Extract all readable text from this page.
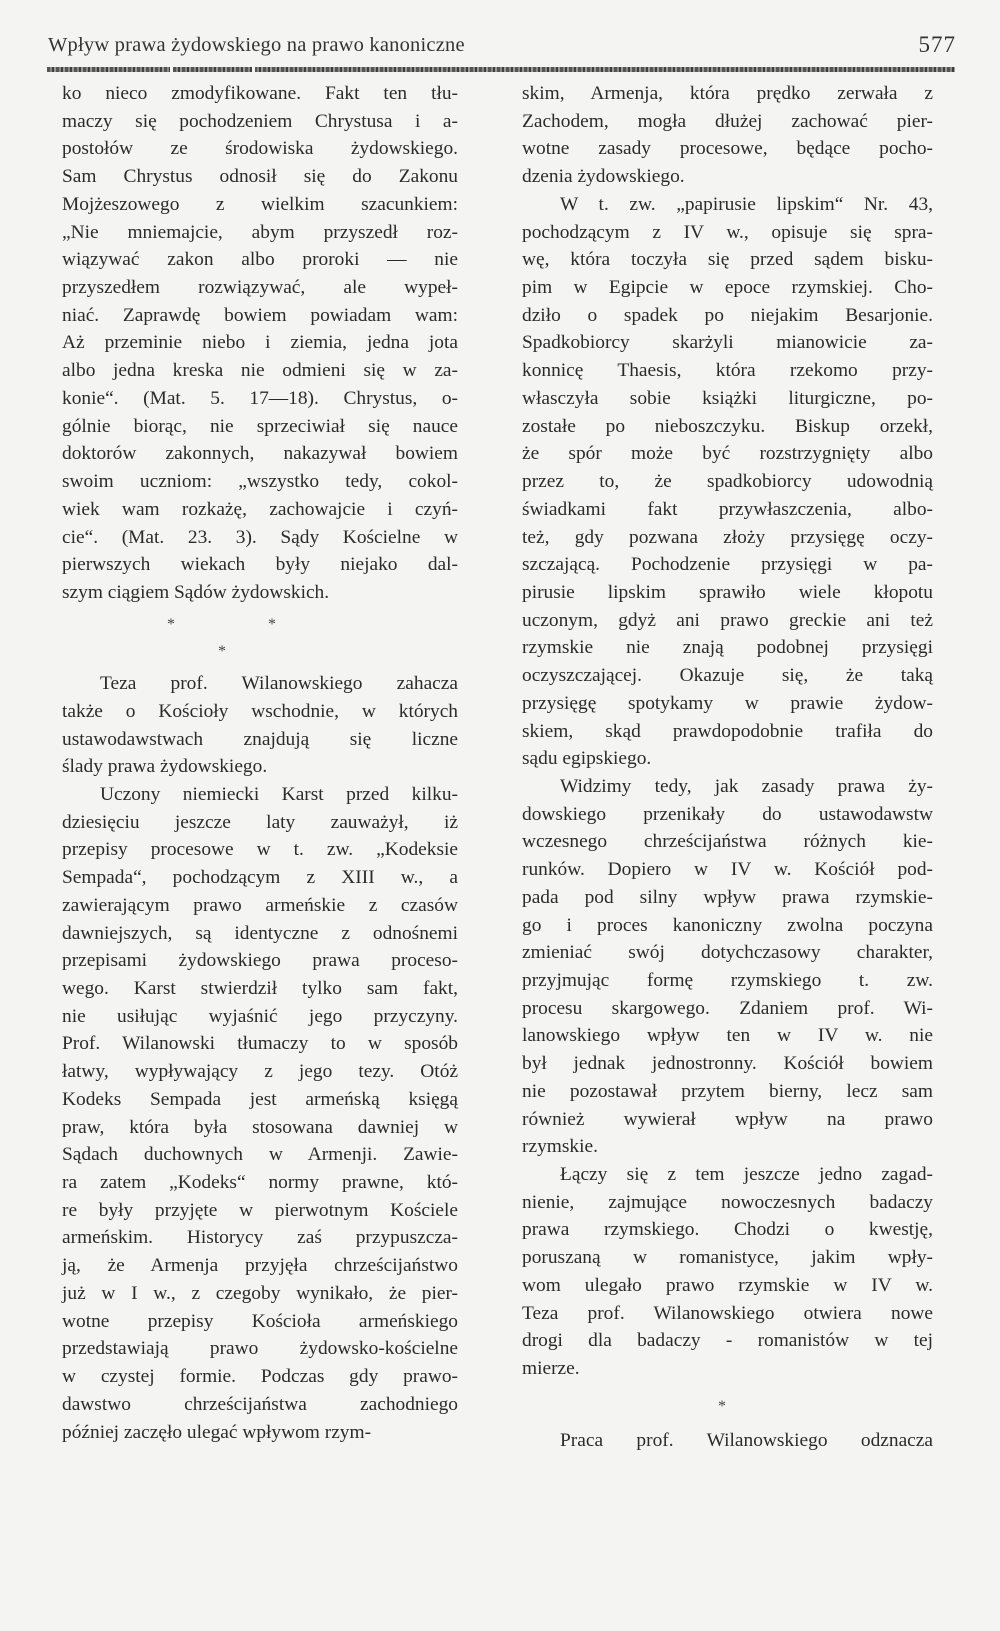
Wpływ prawa żydowskiego na prawo kanoniczne	577
ko nieco zmodyfikowane. Fakt ten tłu-
maczy się pochodzeniem Chrystusa i a-
postołów ze środowiska żydowskiego.
Sam Chrystus odnosił się do Zakonu
Mojżeszowego z wielkim szacunkiem:
„Nie mniemajcie, abym przyszedł roz-
wiązywać zakon albo proroki — nie
przyszedłem rozwiązywać, ale wypeł-
niać. Zaprawdę bowiem powiadam wam:
Aż przeminie niebo i ziemia, jedna jota
albo jedna kreska nie odmieni się w za-
konie“. (Mat. 5. 17—18). Chrystus, o-
gólnie biorąc, nie sprzeciwiał się nauce
doktorów zakonnych, nakazywał bowiem
swoim uczniom: „wszystko tedy, cokol-
wiek wam rozkażę, zachowajcie i czyń-
cie“. (Mat. 23. 3). Sądy Kościelne w
pierwszych wiekach były niejako dal-
szym ciągiem Sądów żydowskich.
*	*
*
Teza prof. Wilanowskiego zahacza
także o Kościoły wschodnie, w których
ustawodawstwach znajdują się liczne
ślady prawa żydowskiego.
Uczony niemiecki Karst przed kilku-
dziesięciu jeszcze laty zauważył, iż
przepisy procesowe w t. zw. „Kodeksie
Sempada“, pochodzącym z XIII w., a
zawierającym prawo armeńskie z czasów
dawniejszych, są identyczne z odnośnemi
przepisami żydowskiego prawa proceso-
wego. Karst stwierdził tylko sam fakt,
nie usiłując wyjaśnić jego przyczyny.
Prof. Wilanowski tłumaczy to w sposób
łatwy, wypływający z jego tezy. Otóż
Kodeks Sempada jest armeńską księgą
praw, która była stosowana dawniej w
Sądach duchownych w Armenji. Zawie-
ra zatem „Kodeks“ normy prawne, któ-
re były przyjęte w pierwotnym Kościele
armeńskim. Historycy zaś przypuszcza-
ją, że Armenja przyjęła chrześcijaństwo
już w I w., z czegoby wynikało, że pier-
wotne przepisy Kościoła armeńskiego
przedstawiają prawo żydowsko-kościelne
w czystej formie. Podczas gdy prawo-
dawstwo chrześcijaństwa zachodniego
później zaczęło ulegać wpływom rzym-
skim, Armenja, która prędko zerwała z
Zachodem, mogła dłużej zachować pier-
wotne zasady procesowe, będące pocho-
dzenia żydowskiego.
W t. zw. „papirusie lipskim“ Nr. 43,
pochodzącym z IV w., opisuje się spra-
wę, która toczyła się przed sądem bisku-
pim w Egipcie w epoce rzymskiej. Cho-
dziło o spadek po niejakim Besarjonie.
Spadkobiorcy skarżyli mianowicie za-
konnicę Thaesis, która rzekomo przy-
własczyła sobie książki liturgiczne, po-
zostałe po nieboszczyku. Biskup orzekł,
że spór może być rozstrzygnięty albo
przez to, że spadkobiorcy udowodnią
świadkami fakt przywłaszczenia, albo-
też, gdy pozwana złoży przysięgę oczy-
szczającą. Pochodzenie przysięgi w pa-
pirusie lipskim sprawiło wiele kłopotu
uczonym, gdyż ani prawo greckie ani też
rzymskie nie znają podobnej przysięgi
oczyszczającej. Okazuje się, że taką
przysięgę spotykamy w prawie żydow-
skiem, skąd prawdopodobnie trafiła do
sądu egipskiego.
Widzimy tedy, jak zasady prawa ży-
dowskiego przenikały do ustawodawstw
wczesnego chrześcijaństwa różnych kie-
runków. Dopiero w IV w. Kościół pod-
pada pod silny wpływ prawa rzymskie-
go i proces kanoniczny zwolna poczyna
zmieniać swój dotychczasowy charakter,
przyjmując formę rzymskiego t. zw.
procesu skargowego. Zdaniem prof. Wi-
lanowskiego wpływ ten w IV w. nie
był jednak jednostronny. Kościół bowiem
nie pozostawał przytem bierny, lecz sam
również wywierał wpływ na prawo
rzymskie.
Łączy się z tem jeszcze jedno zagad-
nienie, zajmujące nowoczesnych badaczy
prawa rzymskiego. Chodzi o kwestję,
poruszaną w romanistyce, jakim wpły-
wom ulegało prawo rzymskie w IV w.
Teza prof. Wilanowskiego otwiera nowe
drogi dla badaczy - romanistów w tej
mierze.
*
Praca prof. Wilanowskiego odznacza
